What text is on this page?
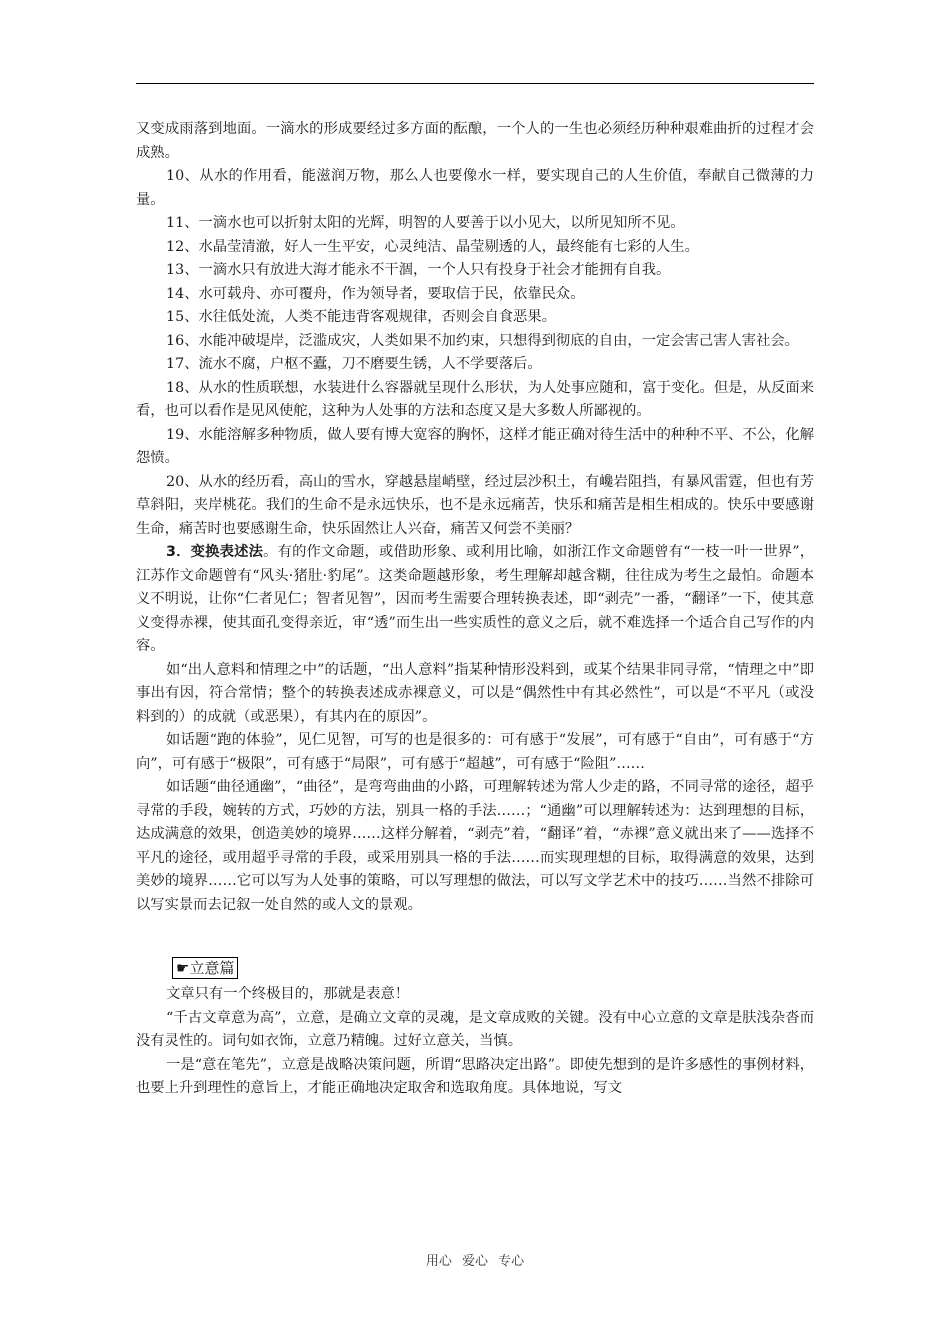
又变成雨落到地面。一滴水的形成要经过多方面的酝酿，一个人的一生也必须经历种种艰难曲折的过程才会成熟。

10、从水的作用看，能滋润万物，那么人也要像水一样，要实现自己的人生价值，奉献自己微薄的力量。

11、一滴水也可以折射太阳的光辉，明智的人要善于以小见大，以所见知所不见。

12、水晶莹清澈，好人一生平安，心灵纯洁、晶莹剔透的人，最终能有七彩的人生。

13、一滴水只有放进大海才能永不干涸，一个人只有投身于社会才能拥有自我。

14、水可载舟、亦可覆舟，作为领导者，要取信于民，依靠民众。

15、水往低处流，人类不能违背客观规律，否则会自食恶果。

16、水能冲破堤岸，泛滥成灾，人类如果不加约束，只想得到彻底的自由，一定会害己害人害社会。

17、流水不腐，户枢不蠹，刀不磨要生锈，人不学要落后。

18、从水的性质联想，水装进什么容器就呈现什么形状，为人处事应随和，富于变化。但是，从反面来看，也可以看作是见风使舵，这种为人处事的方法和态度又是大多数人所鄙视的。

19、水能溶解多种物质，做人要有博大宽容的胸怀，这样才能正确对待生活中的种种不平、不公，化解怨愤。

20、从水的经历看，高山的雪水，穿越悬崖峭壁，经过层沙积土，有巉岩阻挡，有暴风雷霆，但也有芳草斜阳，夹岸桃花。我们的生命不是永远快乐，也不是永远痛苦，快乐和痛苦是相生相成的。快乐中要感谢生命，痛苦时也要感谢生命，快乐固然让人兴奋，痛苦又何尝不美丽？

3．变换表述法。有的作文命题，或借助形象、或利用比喻，如浙江作文命题曾有“一枝一叶一世界”，江苏作文命题曾有“风头·猪肚·豹尾”。这类命题越形象，考生理解却越含糊，往往成为考生之最怕。命题本义不明说，让你“仁者见仁；智者见智”，因而考生需要合理转换表述，即“剥壳”一番，“翻译”一下，使其意义变得赤裸，使其面孔变得亲近，审“透”而生出一些实质性的意义之后，就不难选择一个适合自己写作的内容。

如“出人意料和情理之中”的话题，“出人意料”指某种情形没料到，或某个结果非同寻常，“情理之中”即事出有因，符合常情；整个的转换表述成赤裸意义，可以是“偶然性中有其必然性”，可以是“不平凡（或没料到的）的成就（或恶果），有其内在的原因”。

如话题“跑的体验”，见仁见智，可写的也是很多的：可有感于“发展”，可有感于“自由”，可有感于“方向”，可有感于“极限”，可有感于“局限”，可有感于“超越”，可有感于“险阻”……

如话题“曲径通幽”，“曲径”，是弯弯曲曲的小路，可理解转述为常人少走的路，不同寻常的途径，超乎寻常的手段，婉转的方式，巧妙的方法，别具一格的手法……；“通幽”可以理解转述为：达到理想的目标，达成满意的效果，创造美妙的境界……这样分解着，“剥壳”着，“翻译”着，“赤裸”意义就出来了——选择不平凡的途径，或用超乎寻常的手段，或采用别具一格的手法……而实现理想的目标，取得满意的效果，达到美妙的境界……它可以写为人处事的策略，可以写理想的做法，可以写文学艺术中的技巧……当然不排除可以写实景而去记叙一处自然的或人文的景观。

☛立意篇

文章只有一个终极目的，那就是表意！

“千古文章意为高”，立意，是确立文章的灵魂，是文章成败的关键。没有中心立意的文章是肤浅杂沓而没有灵性的。词句如衣饰，立意乃精魄。过好立意关，当慎。

一是“意在笔先”，立意是战略决策问题，所谓“思路决定出路”。即使先想到的是许多感性的事例材料，也要上升到理性的意旨上，才能正确地决定取舍和选取角度。具体地说，写文

用心 爱心 专心
